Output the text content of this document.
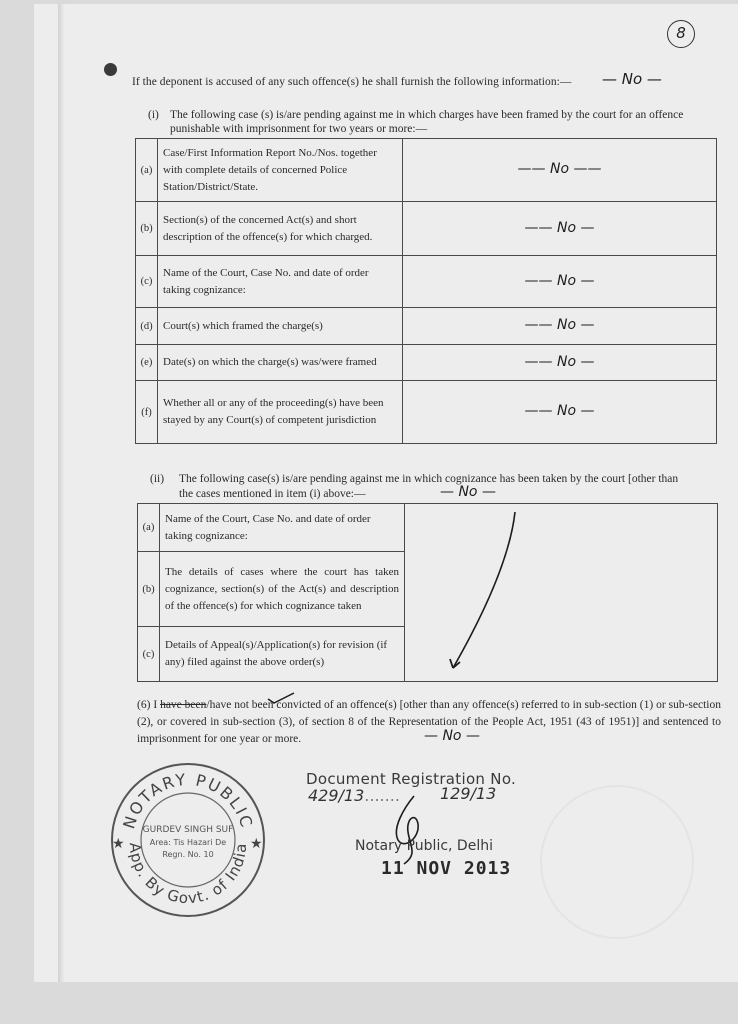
8
If the deponent is accused of any such offence(s) he shall furnish the following information:— — No —
(i) The following case (s) is/are pending against me in which charges have been framed by the court for an offence
punishable with imprisonment for two years or more:—
(a)	Case/First Information Report No./Nos. together with complete details of concerned Police Station/District/State.	—— No ——
(b)	Section(s) of the concerned Act(s) and short description of the offence(s) for which charged.	—— No —
(c)	Name of the Court, Case No. and date of order taking cognizance:	—— No —
(d)	Court(s) which framed the charge(s)	—— No —
(e)	Date(s) on which the charge(s) was/were framed	—— No —
(f)	Whether all or any of the proceeding(s) have been stayed by any Court(s) of competent jurisdiction	—— No —
(ii) The following case(s) is/are pending against me in which cognizance has been taken by the court [other than
the cases mentioned in item (i) above:—	— No —
(a)	Name of the Court, Case No. and date of order taking cognizance:	

(b)	The details of cases where the court has taken cognizance, section(s) of the Act(s) and description of the offence(s) for which cognizance taken	
(c)	Details of Appeal(s)/Application(s) for revision (if any) filed against the above order(s)	
(6) I have been/have not been convicted of an offence(s) [other than any offence(s) referred to in sub-section (1) or sub-section (2), or covered in sub-section (3), of section 8 of the Representation of the People Act, 1951 (43 of 1951)] and sentenced to imprisonment for one year or more.	— No —
NOTARY PUBLIC
App. By Govt. of India
★	★
GURDEV SINGH SUF
Area: Tis Hazari De
Regn. No. 10
Document Registration No.
429/13.......	129/13
Notary Public, Delhi
11 NOV 2013
